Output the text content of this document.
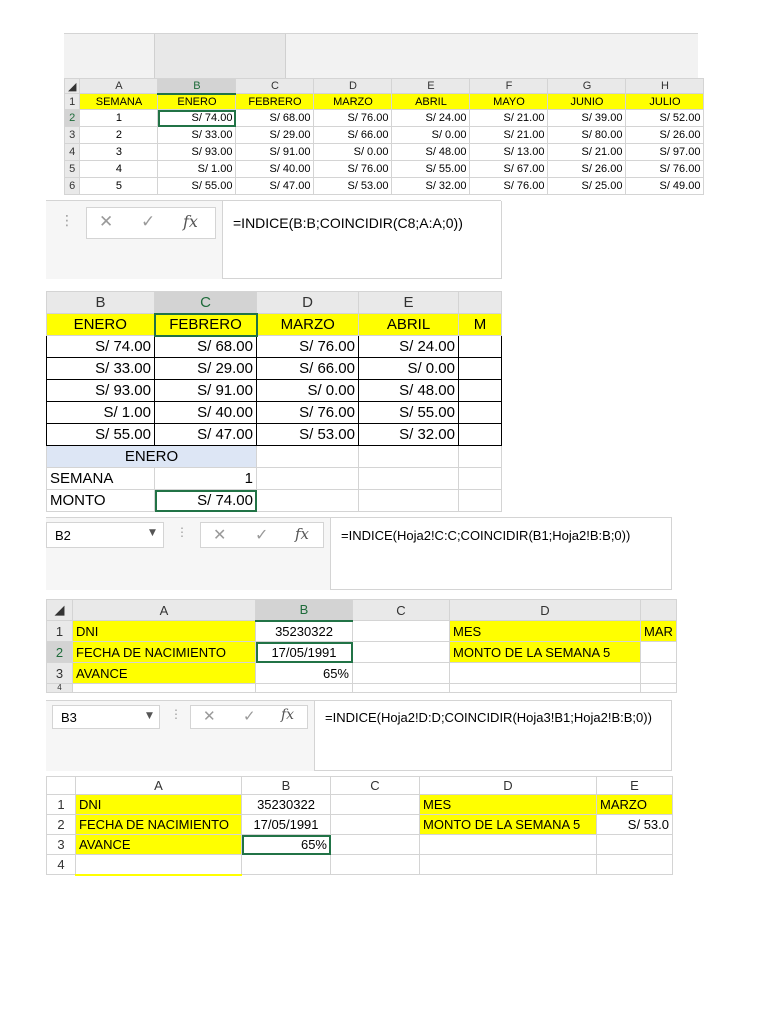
◢	A	B	C	D	E	F	G	H
1	SEMANA	ENERO	FEBRERO	MARZO	ABRIL	MAYO	JUNIO	JULIO
2	1	S/ 74.00	S/ 68.00	S/ 76.00	S/ 24.00	S/ 21.00	S/ 39.00	S/ 52.00
3	2	S/ 33.00	S/ 29.00	S/ 66.00	S/ 0.00	S/ 21.00	S/ 80.00	S/ 26.00
4	3	S/ 93.00	S/ 91.00	S/ 0.00	S/ 48.00	S/ 13.00	S/ 21.00	S/ 97.00
5	4	S/ 1.00	S/ 40.00	S/ 76.00	S/ 55.00	S/ 67.00	S/ 26.00	S/ 76.00
6	5	S/ 55.00	S/ 47.00	S/ 53.00	S/ 32.00	S/ 76.00	S/ 25.00	S/ 49.00
⋮ ✕ ✓ fx	=INDICE(B:B;COINCIDIR(C8;A:A;0))
B	C	D	E	
ENERO	FEBRERO	MARZO	ABRIL	M
S/ 74.00	S/ 68.00	S/ 76.00	S/ 24.00	
S/ 33.00	S/ 29.00	S/ 66.00	S/ 0.00	
S/ 93.00	S/ 91.00	S/ 0.00	S/ 48.00	
S/ 1.00	S/ 40.00	S/ 76.00	S/ 55.00	
S/ 55.00	S/ 47.00	S/ 53.00	S/ 32.00	
ENERO				
SEMANA	1			
MONTO	S/ 74.00			
B2	▼ ⋮ ✕ ✓ fx =INDICE(Hoja2!C:C;COINCIDIR(B1;Hoja2!B:B;0))
◢	A	B	C	D	
1	DNI	35230322		MES	MAR
2	FECHA DE NACIMIENTO	17/05/1991		MONTO DE LA SEMANA 5	
3	AVANCE	65%			
4					
B3	▼ ⋮ ✕ ✓ fx =INDICE(Hoja2!D:D;COINCIDIR(Hoja3!B1;Hoja2!B:B;0))
	A	B	C	D	E
1	DNI	35230322		MES	MARZO
2	FECHA DE NACIMIENTO	17/05/1991		MONTO DE LA SEMANA 5	S/ 53.0
3	AVANCE	65%			
4					
